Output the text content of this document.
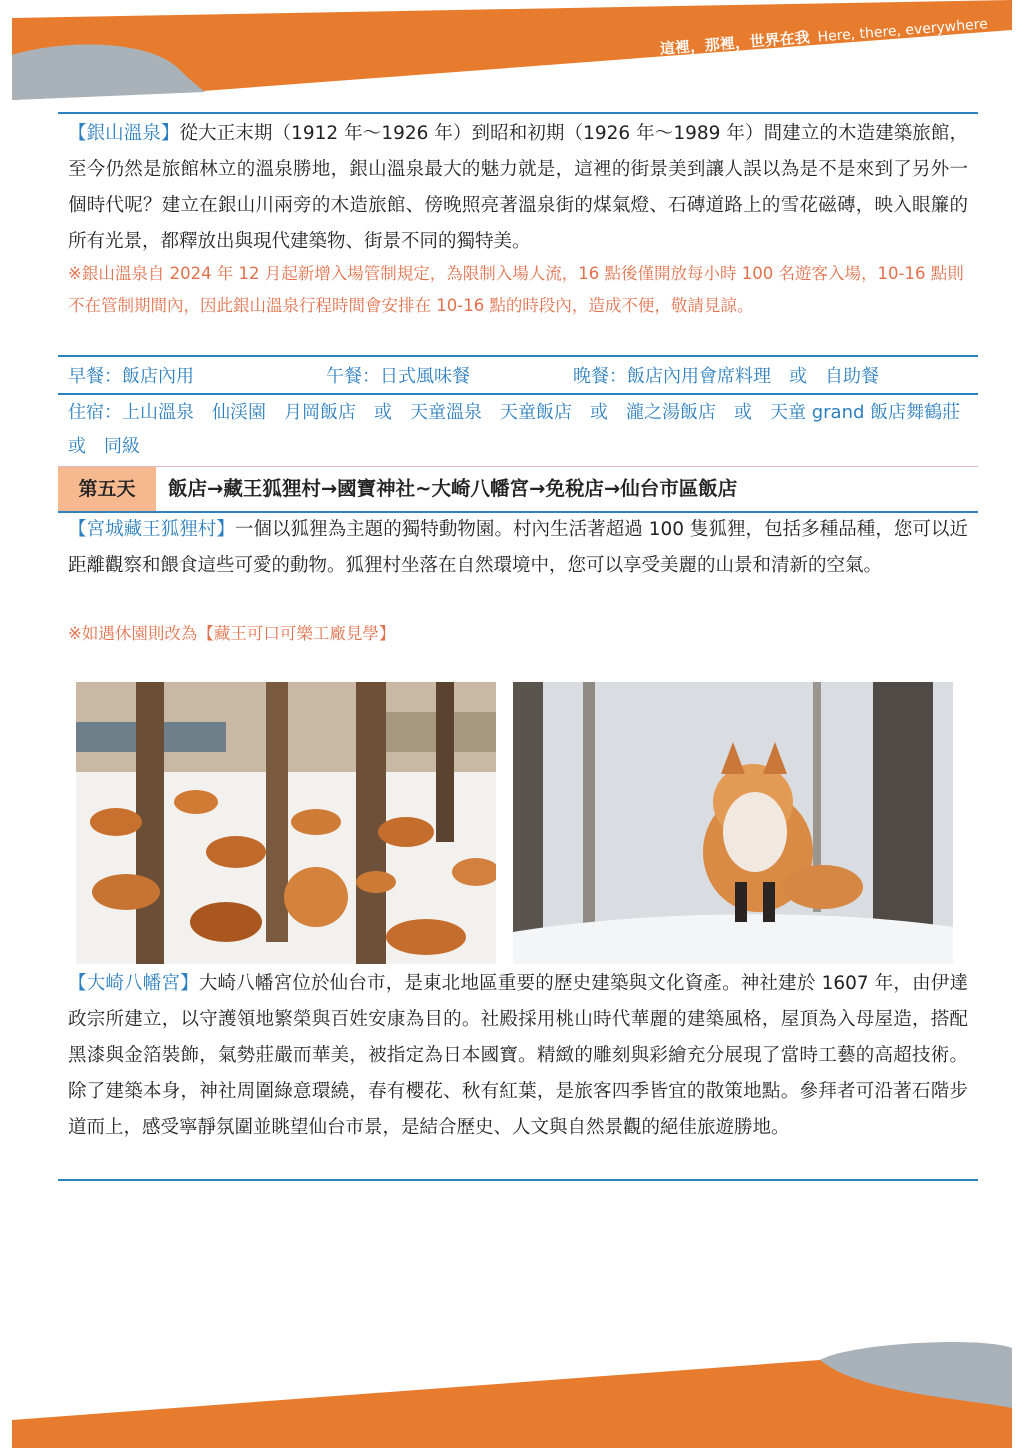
這裡，那裡，世界在我 Here, there, everywhere
【銀山溫泉】從大正末期（1912 年～1926 年）到昭和初期（1926 年～1989 年）間建立的木造建築旅館，至今仍然是旅館林立的溫泉勝地，銀山溫泉最大的魅力就是，這裡的街景美到讓人誤以為是不是來到了另外一個時代呢？建立在銀山川兩旁的木造旅館、傍晚照亮著溫泉街的煤氣燈、石磚道路上的雪花磁磚，映入眼簾的所有光景，都釋放出與現代建築物、街景不同的獨特美。
※銀山溫泉自 2024 年 12 月起新增入場管制規定，為限制入場人流，16 點後僅開放每小時 100 名遊客入場，10-16 點則不在管制期間內，因此銀山溫泉行程時間會安排在 10-16 點的時段內，造成不便，敬請見諒。
早餐：飯店內用	午餐：日式風味餐	晚餐：飯店內用會席料理　或　自助餐
住宿：上山溫泉　仙渓園　月岡飯店　或　天童溫泉　天童飯店　或　瀧之湯飯店　或　天童 grand 飯店舞鶴莊　或　同級
第五天	飯店→藏王狐狸村→國寶神社~大崎八幡宮→免稅店→仙台市區飯店
【宮城藏王狐狸村】一個以狐狸為主題的獨特動物園。村內生活著超過 100 隻狐狸，包括多種品種，您可以近距離觀察和餵食這些可愛的動物。狐狸村坐落在自然環境中，您可以享受美麗的山景和清新的空氣。
※如遇休園則改為【藏王可口可樂工廠見學】
【大崎八幡宮】大崎八幡宮位於仙台市，是東北地區重要的歷史建築與文化資產。神社建於 1607 年，由伊達政宗所建立，以守護領地繁榮與百姓安康為目的。社殿採用桃山時代華麗的建築風格，屋頂為入母屋造，搭配黑漆與金箔裝飾，氣勢莊嚴而華美，被指定為日本國寶。精緻的雕刻與彩繪充分展現了當時工藝的高超技術。除了建築本身，神社周圍綠意環繞，春有櫻花、秋有紅葉，是旅客四季皆宜的散策地點。參拜者可沿著石階步道而上，感受寧靜氛圍並眺望仙台市景，是結合歷史、人文與自然景觀的絕佳旅遊勝地。
這裡，那裡，世界在我 Here, there, everywhere
